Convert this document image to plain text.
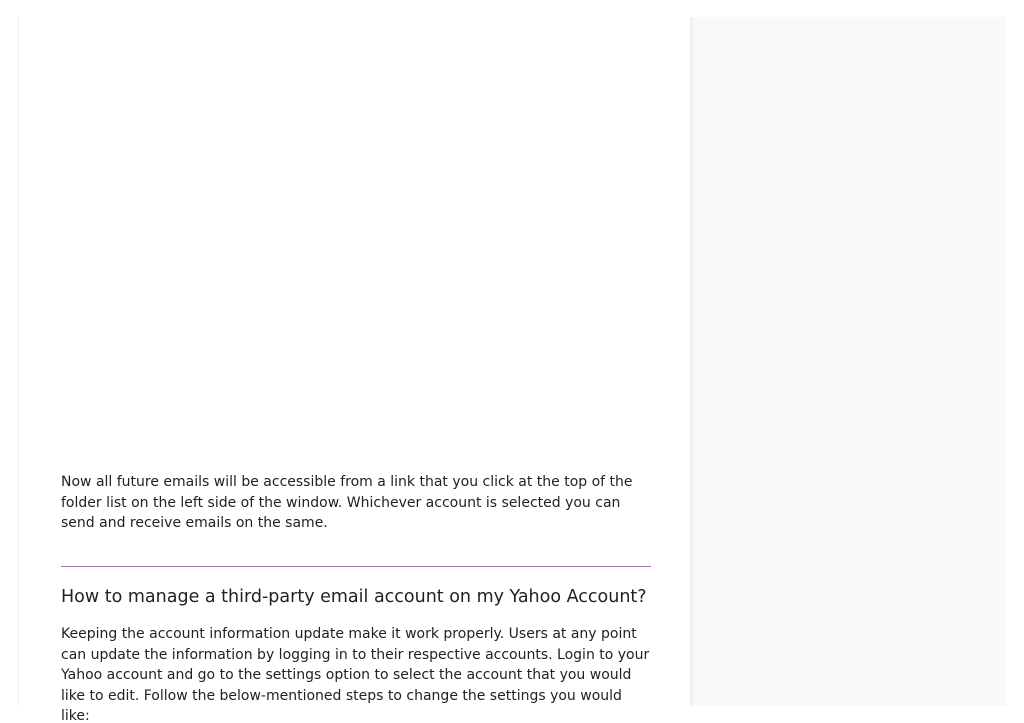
Now all future emails will be accessible from a link that you click at the top of the folder list on the left side of the window. Whichever account is selected you can send and receive emails on the same.

How to manage a third-party email account on my Yahoo Account?

Keeping the account information update make it work properly. Users at any point can update the information by logging in to their respective accounts. Login to your Yahoo account and go to the settings option to select the account that you would like to edit. Follow the below-mentioned steps to change the settings you would like:
